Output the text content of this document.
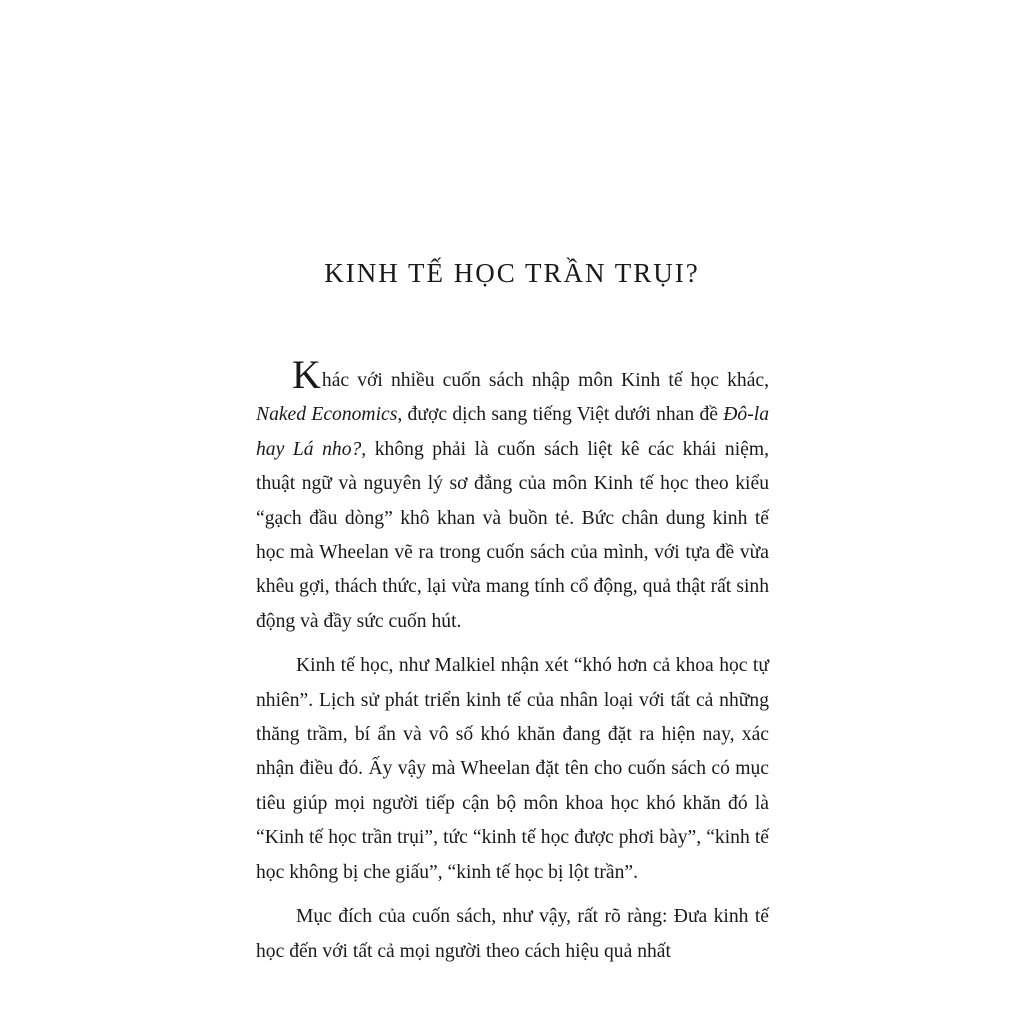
KINH TẾ HỌC TRẦN TRỤI?

Khác với nhiều cuốn sách nhập môn Kinh tế học khác, Naked Economics, được dịch sang tiếng Việt dưới nhan đề Đô-la hay Lá nho?, không phải là cuốn sách liệt kê các khái niệm, thuật ngữ và nguyên lý sơ đẳng của môn Kinh tế học theo kiểu “gạch đầu dòng” khô khan và buồn tẻ. Bức chân dung kinh tế học mà Wheelan vẽ ra trong cuốn sách của mình, với tựa đề vừa khêu gợi, thách thức, lại vừa mang tính cổ động, quả thật rất sinh động và đầy sức cuốn hút.

Kinh tế học, như Malkiel nhận xét “khó hơn cả khoa học tự nhiên”. Lịch sử phát triển kinh tế của nhân loại với tất cả những thăng trầm, bí ẩn và vô số khó khăn đang đặt ra hiện nay, xác nhận điều đó. Ấy vậy mà Wheelan đặt tên cho cuốn sách có mục tiêu giúp mọi người tiếp cận bộ môn khoa học khó khăn đó là “Kinh tế học trần trụi”, tức “kinh tế học được phơi bày”, “kinh tế học không bị che giấu”, “kinh tế học bị lột trần”.

Mục đích của cuốn sách, như vậy, rất rõ ràng: Đưa kinh tế học đến với tất cả mọi người theo cách hiệu quả nhất
